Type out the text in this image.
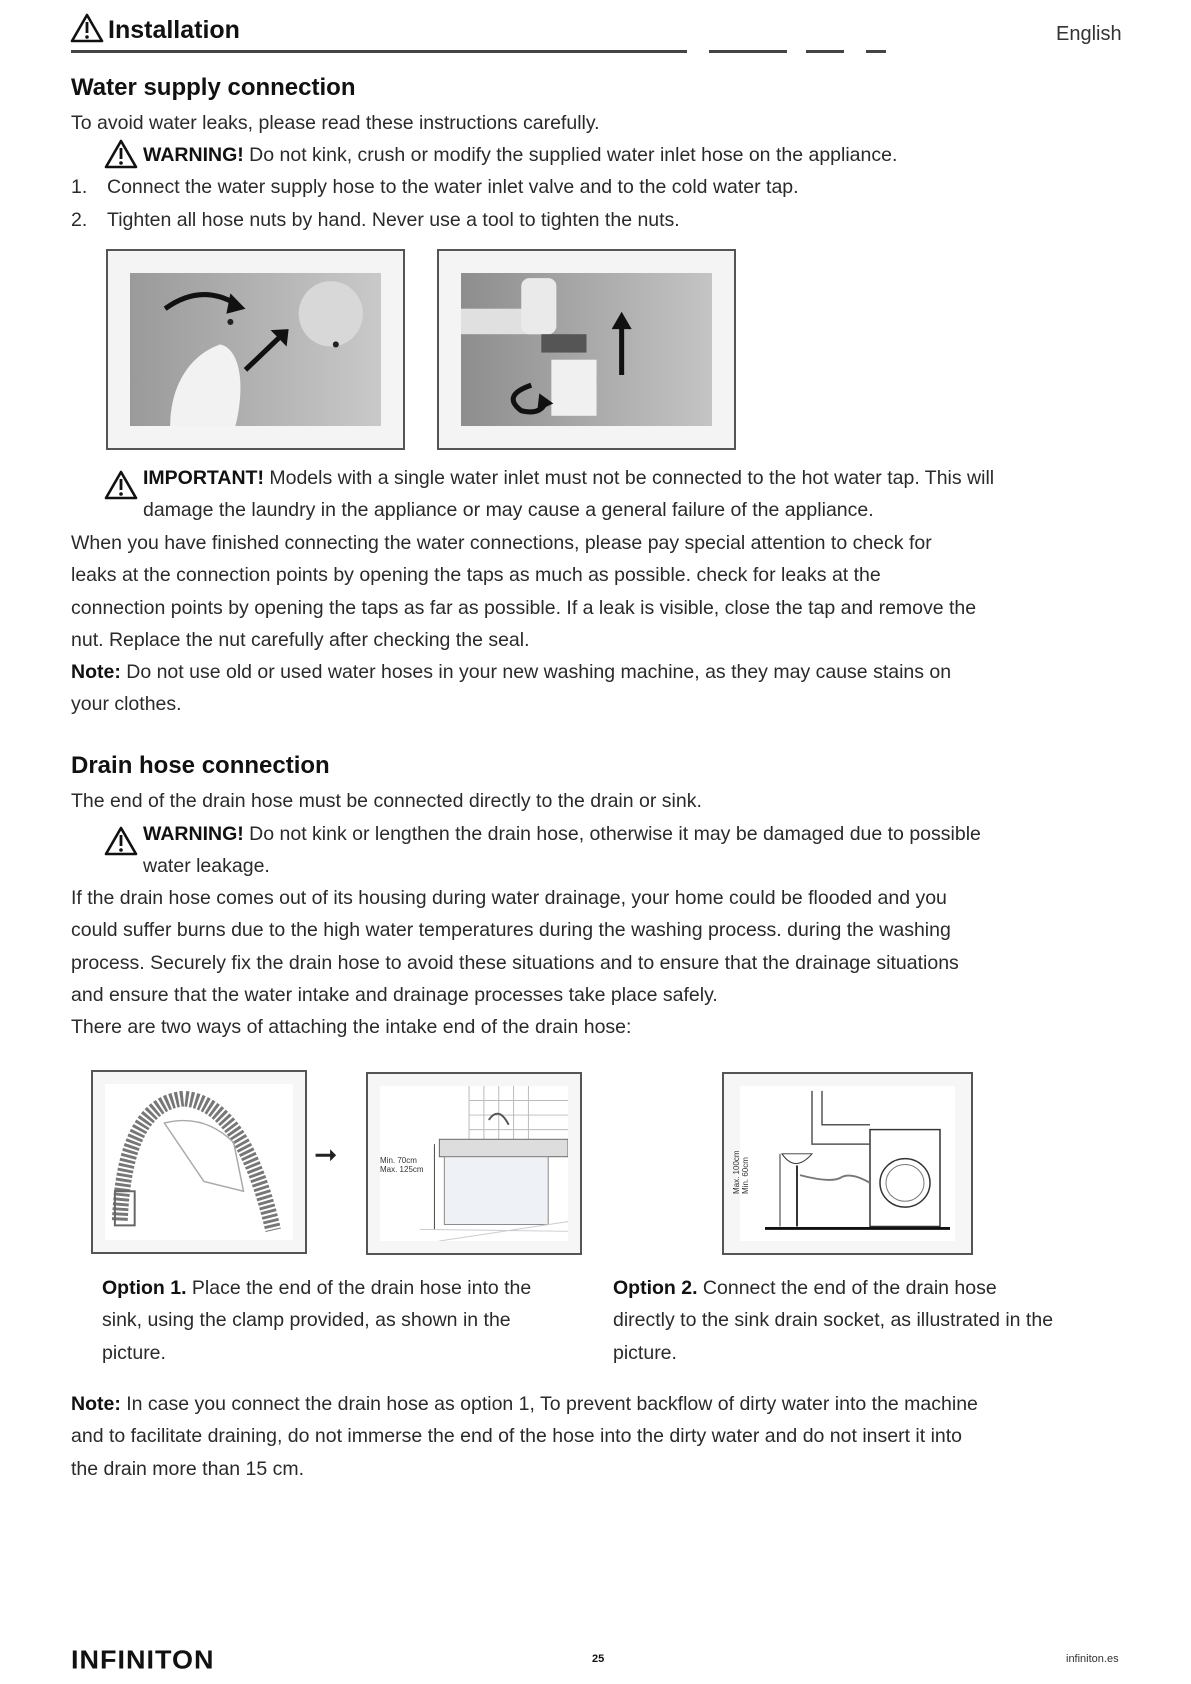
Installation	English
Water supply connection
To avoid water leaks, please read these instructions carefully.
WARNING! Do not kink, crush or modify the supplied water inlet hose on the appliance.
1. Connect the water supply hose to the water inlet valve and to the cold water tap.
2. Tighten all hose nuts by hand. Never use a tool to tighten the nuts.
IMPORTANT! Models with a single water inlet must not be connected to the hot water tap. This will
damage the laundry in the appliance or may cause a general failure of the appliance.
When you have finished connecting the water connections, please pay special attention to check for
leaks at the connection points by opening the taps as much as possible. check for leaks at the
connection points by opening the taps as far as possible. If a leak is visible, close the tap and remove the
nut. Replace the nut carefully after checking the seal.
Note: Do not use old or used water hoses in your new washing machine, as they may cause stains on
your clothes.
Drain hose connection
The end of the drain hose must be connected directly to the drain or sink.
WARNING! Do not kink or lengthen the drain hose, otherwise it may be damaged due to possible
water leakage.
If the drain hose comes out of its housing during water drainage, your home could be flooded and you
could suffer burns due to the high water temperatures during the washing process. during the washing
process. Securely fix the drain hose to avoid these situations and to ensure that the drainage situations
and ensure that the water intake and drainage processes take place safely.
There are two ways of attaching the intake end of the drain hose:
➞	Min. 70cm
Max. 125cm	Max. 100cm Min. 60cm
Option 1. Place the end of the drain hose into the
sink, using the clamp provided, as shown in the
picture.
Option 2. Connect the end of the drain hose
directly to the sink drain socket, as illustrated in the
picture.
Note: In case you connect the drain hose as option 1, To prevent backflow of dirty water into the machine
and to facilitate draining, do not immerse the end of the hose into the dirty water and do not insert it into
the drain more than 15 cm.
INFINITON	25	infiniton.es
